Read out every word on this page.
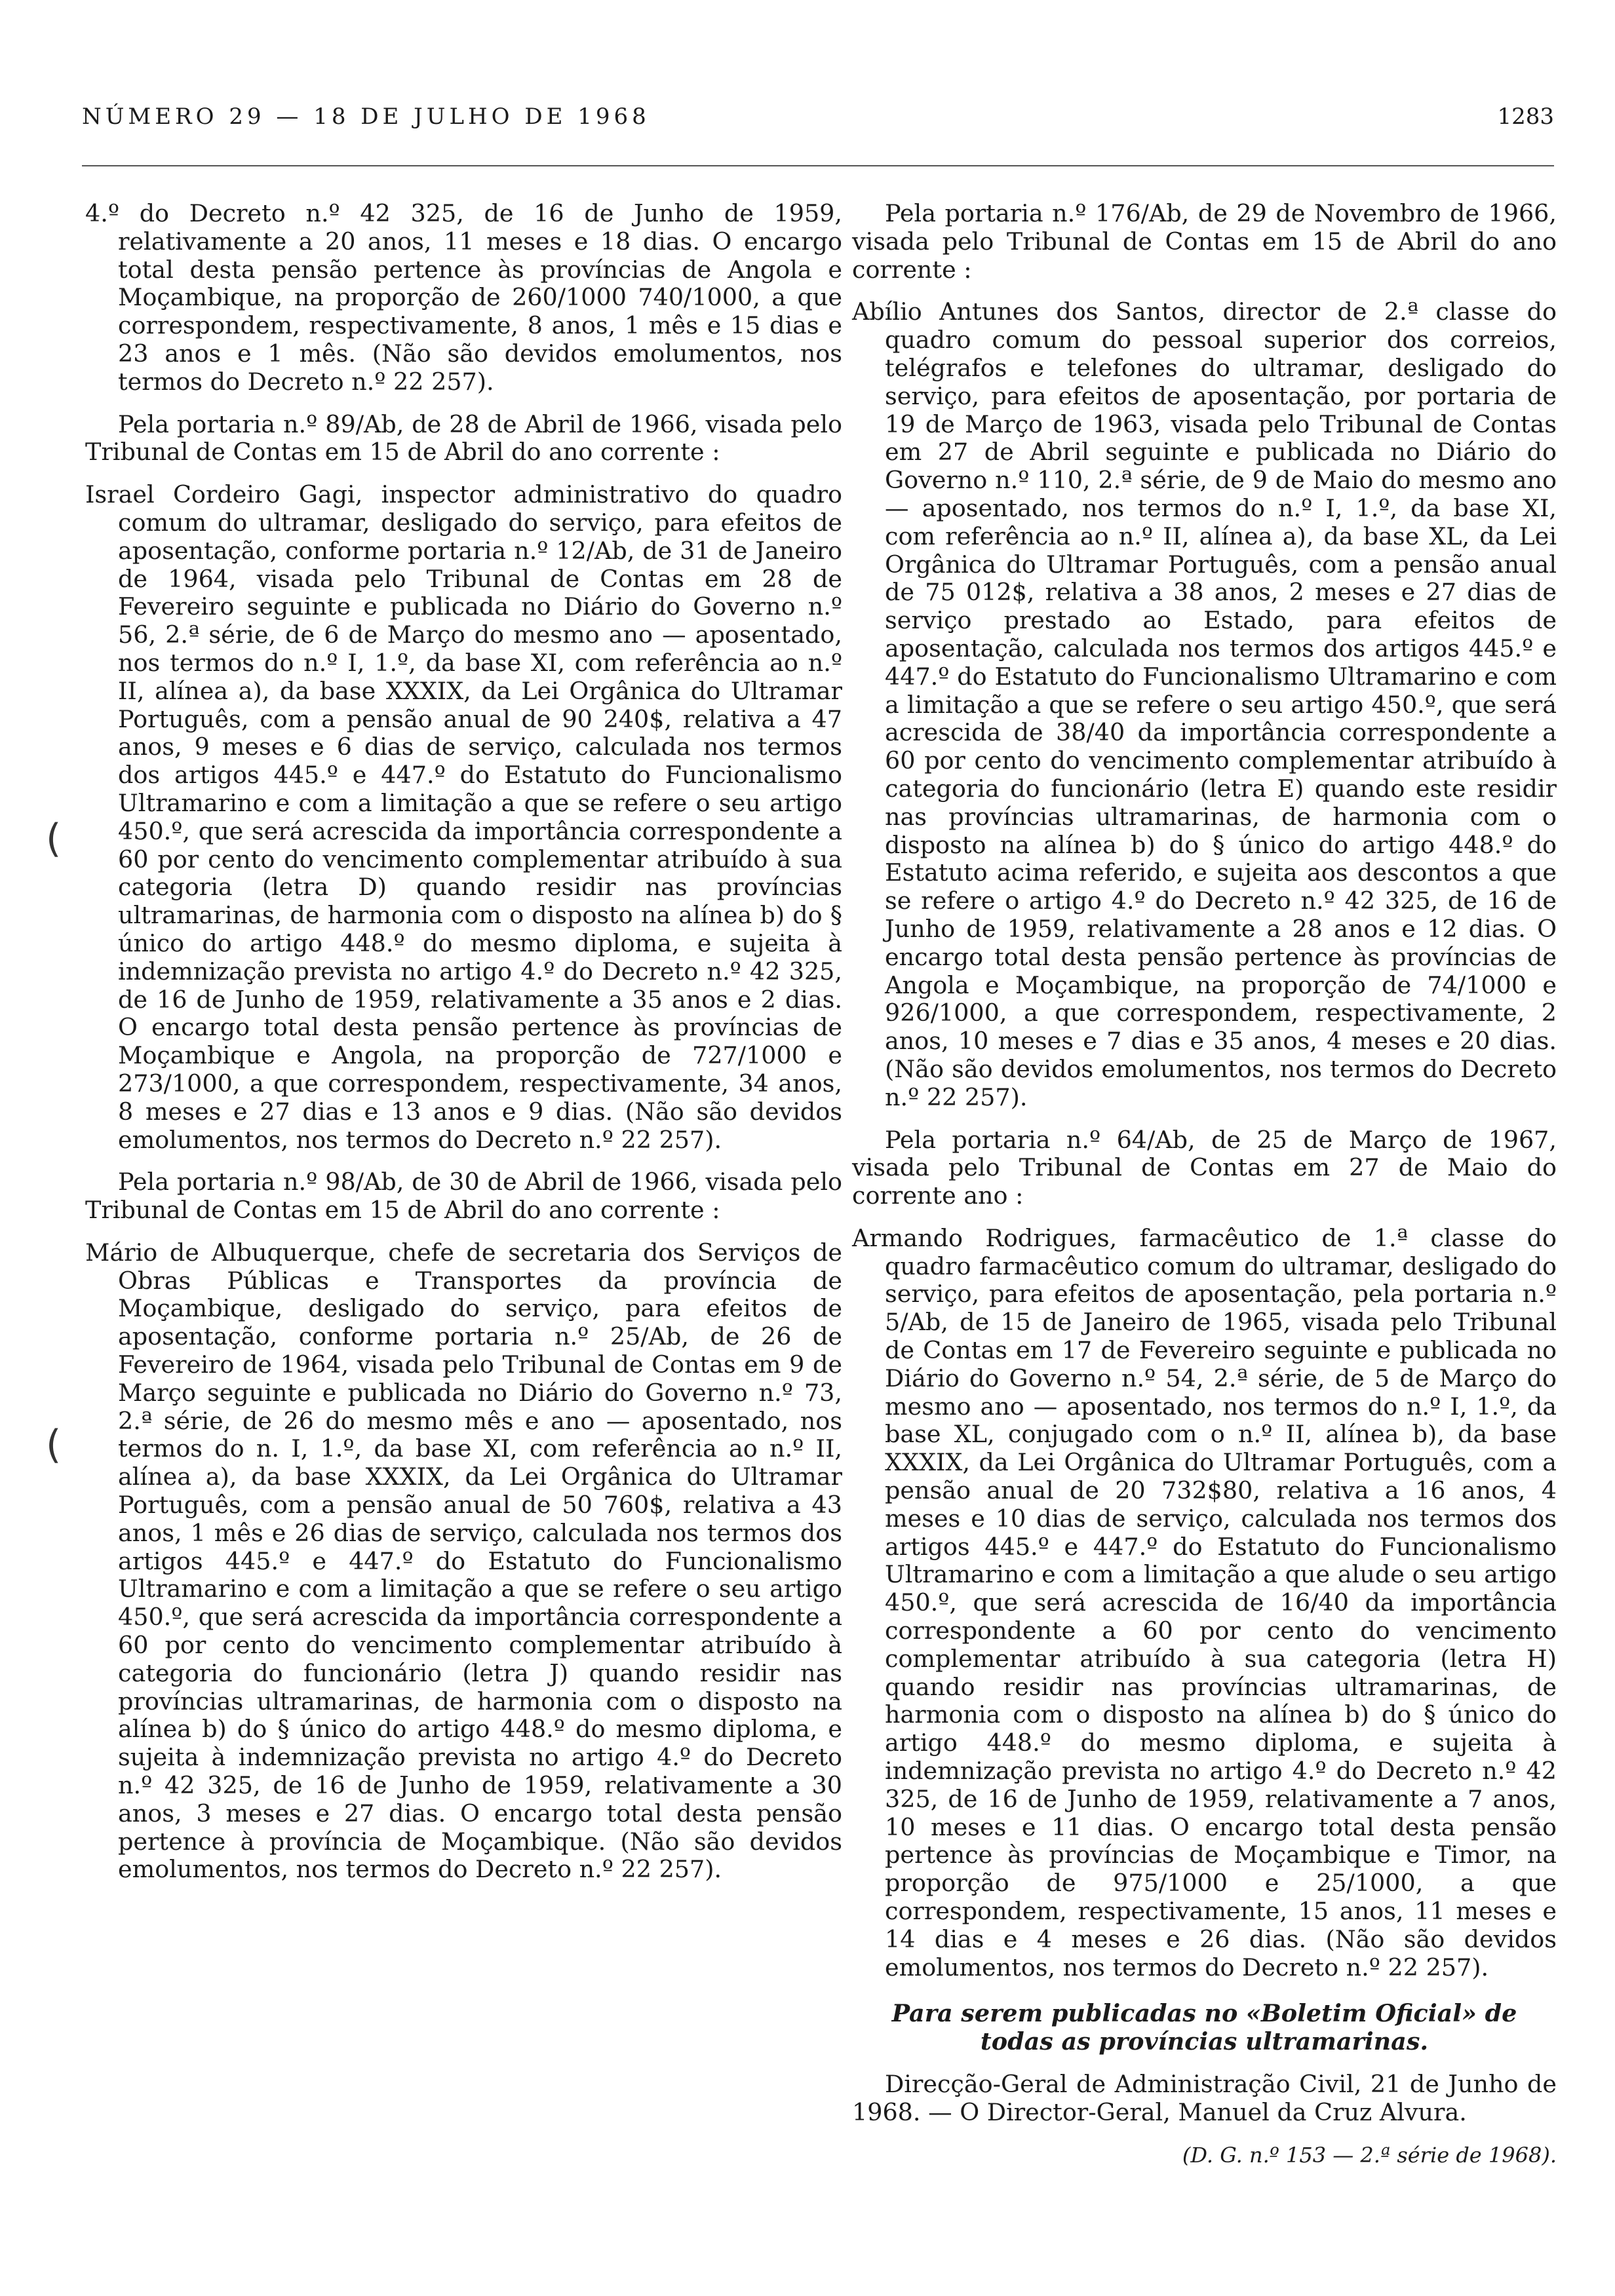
NÚMERO 29 — 18 DE JULHO DE 1968	1283
(
(

4.º do Decreto n.º 42 325, de 16 de Junho de 1959, relativamente a 20 anos, 11 meses e 18 dias. O encargo total desta pensão pertence às províncias de Angola e Moçambique, na proporção de 260/1000 740/1000, a que correspondem, respectivamente, 8 anos, 1 mês e 15 dias e 23 anos e 1 mês. (Não são devidos emolumentos, nos termos do Decreto n.º 22 257).

Pela portaria n.º 89/Ab, de 28 de Abril de 1966, visada pelo Tribunal de Contas em 15 de Abril do ano corrente :

Israel Cordeiro Gagi, inspector administrativo do quadro comum do ultramar, desligado do serviço, para efeitos de aposentação, conforme portaria n.º 12/Ab, de 31 de Janeiro de 1964, visada pelo Tribunal de Contas em 28 de Fevereiro seguinte e publicada no Diário do Governo n.º 56, 2.ª série, de 6 de Março do mesmo ano — aposentado, nos termos do n.º I, 1.º, da base XI, com referência ao n.º II, alínea a), da base XXXIX, da Lei Orgânica do Ultramar Português, com a pensão anual de 90 240$, relativa a 47 anos, 9 meses e 6 dias de serviço, calculada nos termos dos artigos 445.º e 447.º do Estatuto do Funcionalismo Ultramarino e com a limitação a que se refere o seu artigo 450.º, que será acrescida da importância correspondente a 60 por cento do vencimento complementar atribuído à sua categoria (letra D) quando residir nas províncias ultramarinas, de harmonia com o disposto na alínea b) do § único do artigo 448.º do mesmo diploma, e sujeita à indemnização prevista no artigo 4.º do Decreto n.º 42 325, de 16 de Junho de 1959, relativamente a 35 anos e 2 dias. O encargo total desta pensão pertence às províncias de Moçambique e Angola, na proporção de 727/1000 e 273/1000, a que correspondem, respectivamente, 34 anos, 8 meses e 27 dias e 13 anos e 9 dias. (Não são devidos emolumentos, nos termos do Decreto n.º 22 257).

Pela portaria n.º 98/Ab, de 30 de Abril de 1966, visada pelo Tribunal de Contas em 15 de Abril do ano corrente :

Mário de Albuquerque, chefe de secretaria dos Serviços de Obras Públicas e Transportes da província de Moçambique, desligado do serviço, para efeitos de aposentação, conforme portaria n.º 25/Ab, de 26 de Fevereiro de 1964, visada pelo Tribunal de Contas em 9 de Março seguinte e publicada no Diário do Governo n.º 73, 2.ª série, de 26 do mesmo mês e ano — aposentado, nos termos do n. I, 1.º, da base XI, com referência ao n.º II, alínea a), da base XXXIX, da Lei Orgânica do Ultramar Português, com a pensão anual de 50 760$, relativa a 43 anos, 1 mês e 26 dias de serviço, calculada nos termos dos artigos 445.º e 447.º do Estatuto do Funcionalismo Ultramarino e com a limitação a que se refere o seu artigo 450.º, que será acrescida da importância correspondente a 60 por cento do vencimento complementar atribuído à categoria do funcionário (letra J) quando residir nas províncias ultramarinas, de harmonia com o disposto na alínea b) do § único do artigo 448.º do mesmo diploma, e sujeita à indemnização prevista no artigo 4.º do Decreto n.º 42 325, de 16 de Junho de 1959, relativamente a 30 anos, 3 meses e 27 dias. O encargo total desta pensão pertence à província de Moçambique. (Não são devidos emolumentos, nos termos do Decreto n.º 22 257).

Pela portaria n.º 176/Ab, de 29 de Novembro de 1966, visada pelo Tribunal de Contas em 15 de Abril do ano corrente :

Abílio Antunes dos Santos, director de 2.ª classe do quadro comum do pessoal superior dos correios, telégrafos e telefones do ultramar, desligado do serviço, para efeitos de aposentação, por portaria de 19 de Março de 1963, visada pelo Tribunal de Contas em 27 de Abril seguinte e publicada no Diário do Governo n.º 110, 2.ª série, de 9 de Maio do mesmo ano — aposentado, nos termos do n.º I, 1.º, da base XI, com referência ao n.º II, alínea a), da base XL, da Lei Orgânica do Ultramar Português, com a pensão anual de 75 012$, relativa a 38 anos, 2 meses e 27 dias de serviço prestado ao Estado, para efeitos de aposentação, calculada nos termos dos artigos 445.º e 447.º do Estatuto do Funcionalismo Ultramarino e com a limitação a que se refere o seu artigo 450.º, que será acrescida de 38/40 da importância correspondente a 60 por cento do vencimento complementar atribuído à categoria do funcionário (letra E) quando este residir nas províncias ultramarinas, de harmonia com o disposto na alínea b) do § único do artigo 448.º do Estatuto acima referido, e sujeita aos descontos a que se refere o artigo 4.º do Decreto n.º 42 325, de 16 de Junho de 1959, relativamente a 28 anos e 12 dias. O encargo total desta pensão pertence às províncias de Angola e Moçambique, na proporção de 74/1000 e 926/1000, a que correspondem, respectivamente, 2 anos, 10 meses e 7 dias e 35 anos, 4 meses e 20 dias. (Não são devidos emolumentos, nos termos do Decreto n.º 22 257).

Pela portaria n.º 64/Ab, de 25 de Março de 1967, visada pelo Tribunal de Contas em 27 de Maio do corrente ano :

Armando Rodrigues, farmacêutico de 1.ª classe do quadro farmacêutico comum do ultramar, desligado do serviço, para efeitos de aposentação, pela portaria n.º 5/Ab, de 15 de Janeiro de 1965, visada pelo Tribunal de Contas em 17 de Fevereiro seguinte e publicada no Diário do Governo n.º 54, 2.ª série, de 5 de Março do mesmo ano — aposentado, nos termos do n.º I, 1.º, da base XL, conjugado com o n.º II, alínea b), da base XXXIX, da Lei Orgânica do Ultramar Português, com a pensão anual de 20 732$80, relativa a 16 anos, 4 meses e 10 dias de serviço, calculada nos termos dos artigos 445.º e 447.º do Estatuto do Funcionalismo Ultramarino e com a limitação a que alude o seu artigo 450.º, que será acrescida de 16/40 da importância correspondente a 60 por cento do vencimento complementar atribuído à sua categoria (letra H) quando residir nas províncias ultramarinas, de harmonia com o disposto na alínea b) do § único do artigo 448.º do mesmo diploma, e sujeita à indemnização prevista no artigo 4.º do Decreto n.º 42 325, de 16 de Junho de 1959, relativamente a 7 anos, 10 meses e 11 dias. O encargo total desta pensão pertence às províncias de Moçambique e Timor, na proporção de 975/1000 e 25/1000, a que correspondem, respectivamente, 15 anos, 11 meses e 14 dias e 4 meses e 26 dias. (Não são devidos emolumentos, nos termos do Decreto n.º 22 257).

Para serem publicadas no «Boletim Oficial» de todas as províncias ultramarinas.

Direcção-Geral de Administração Civil, 21 de Junho de 1968. — O Director-Geral, Manuel da Cruz Alvura.

(D. G. n.º 153 — 2.ª série de 1968).
